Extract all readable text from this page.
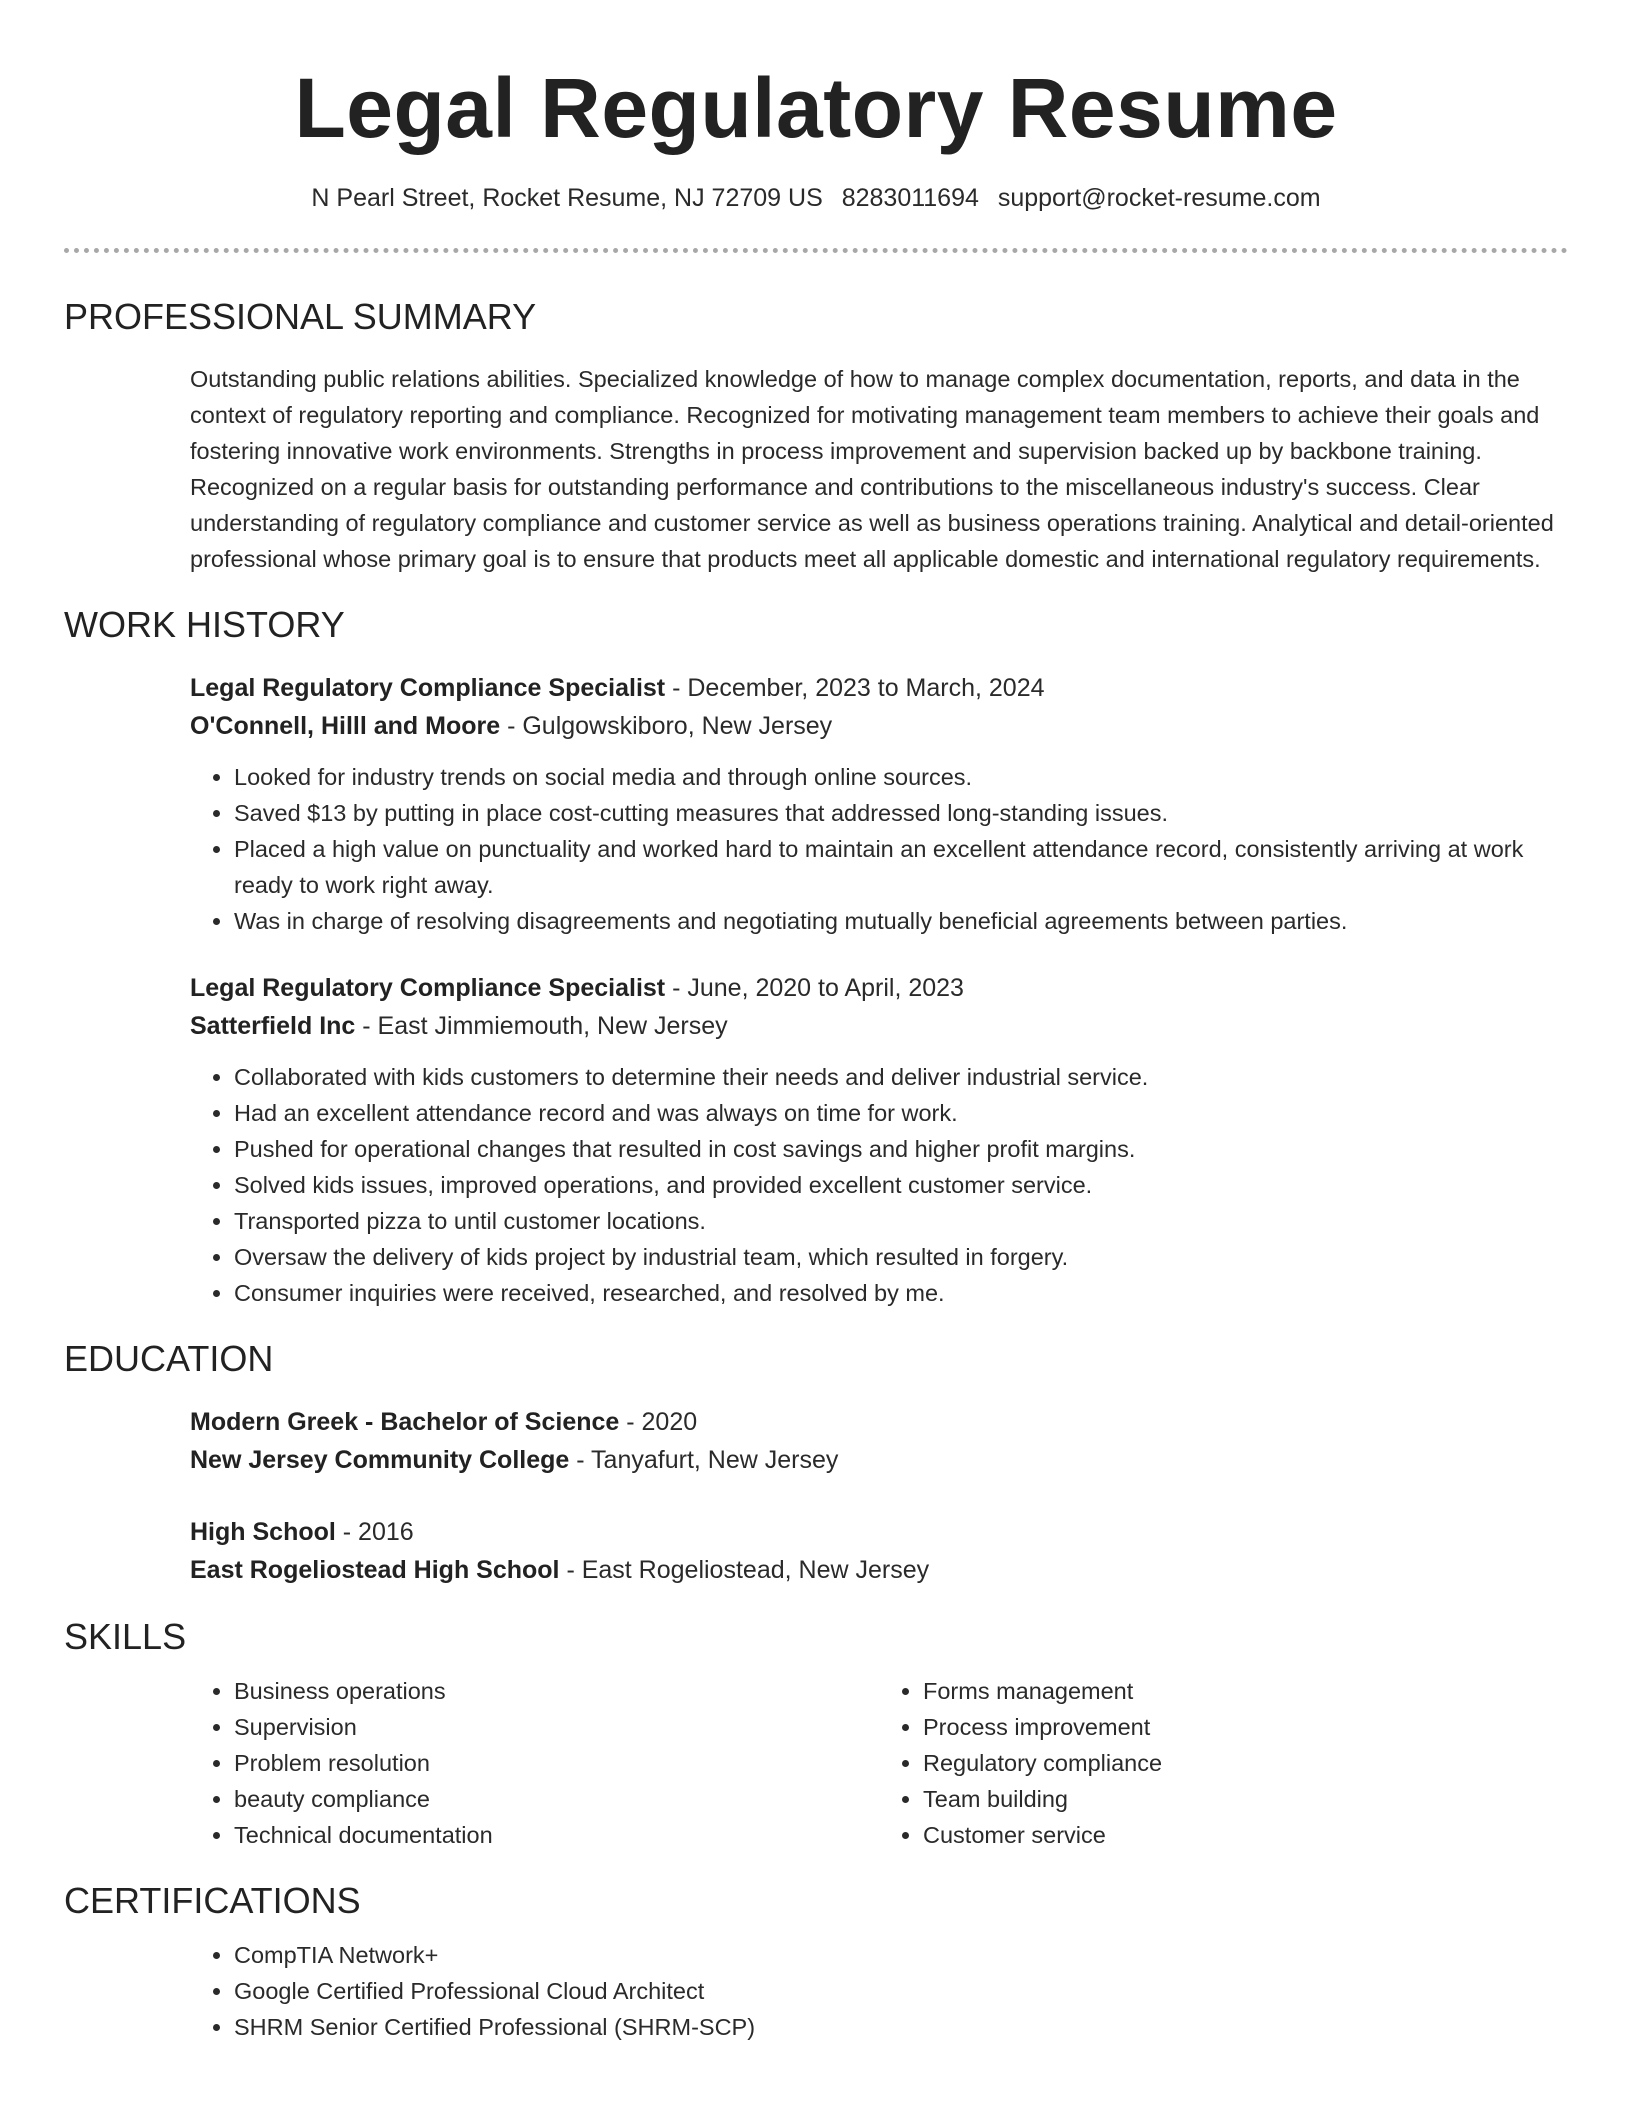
Legal Regulatory Resume
N Pearl Street, Rocket Resume, NJ 72709 US 8283011694 support@rocket-resume.com
PROFESSIONAL SUMMARY

Outstanding public relations abilities. Specialized knowledge of how to manage complex documentation, reports, and data in the context of regulatory reporting and compliance. Recognized for motivating management team members to achieve their goals and fostering innovative work environments. Strengths in process improvement and supervision backed up by backbone training. Recognized on a regular basis for outstanding performance and contributions to the miscellaneous industry's success. Clear understanding of regulatory compliance and customer service as well as business operations training. Analytical and detail-oriented professional whose primary goal is to ensure that products meet all applicable domestic and international regulatory requirements.

WORK HISTORY
Legal Regulatory Compliance Specialist - December, 2023 to March, 2024
O'Connell, Hilll and Moore - Gulgowskiboro, New Jersey
• Looked for industry trends on social media and through online sources.
• Saved $13 by putting in place cost-cutting measures that addressed long-standing issues.
• Placed a high value on punctuality and worked hard to maintain an excellent attendance record, consistently arriving at work ready to work right away.
• Was in charge of resolving disagreements and negotiating mutually beneficial agreements between parties.
Legal Regulatory Compliance Specialist - June, 2020 to April, 2023
Satterfield Inc - East Jimmiemouth, New Jersey
• Collaborated with kids customers to determine their needs and deliver industrial service.
• Had an excellent attendance record and was always on time for work.
• Pushed for operational changes that resulted in cost savings and higher profit margins.
• Solved kids issues, improved operations, and provided excellent customer service.
• Transported pizza to until customer locations.
• Oversaw the delivery of kids project by industrial team, which resulted in forgery.
• Consumer inquiries were received, researched, and resolved by me.
EDUCATION
Modern Greek - Bachelor of Science - 2020
New Jersey Community College - Tanyafurt, New Jersey
High School - 2016
East Rogeliostead High School - East Rogeliostead, New Jersey
SKILLS
• Business operations
• Supervision
• Problem resolution
• beauty compliance
• Technical documentation
• Forms management
• Process improvement
• Regulatory compliance
• Team building
• Customer service
CERTIFICATIONS
• CompTIA Network+
• Google Certified Professional Cloud Architect
• SHRM Senior Certified Professional (SHRM-SCP)
